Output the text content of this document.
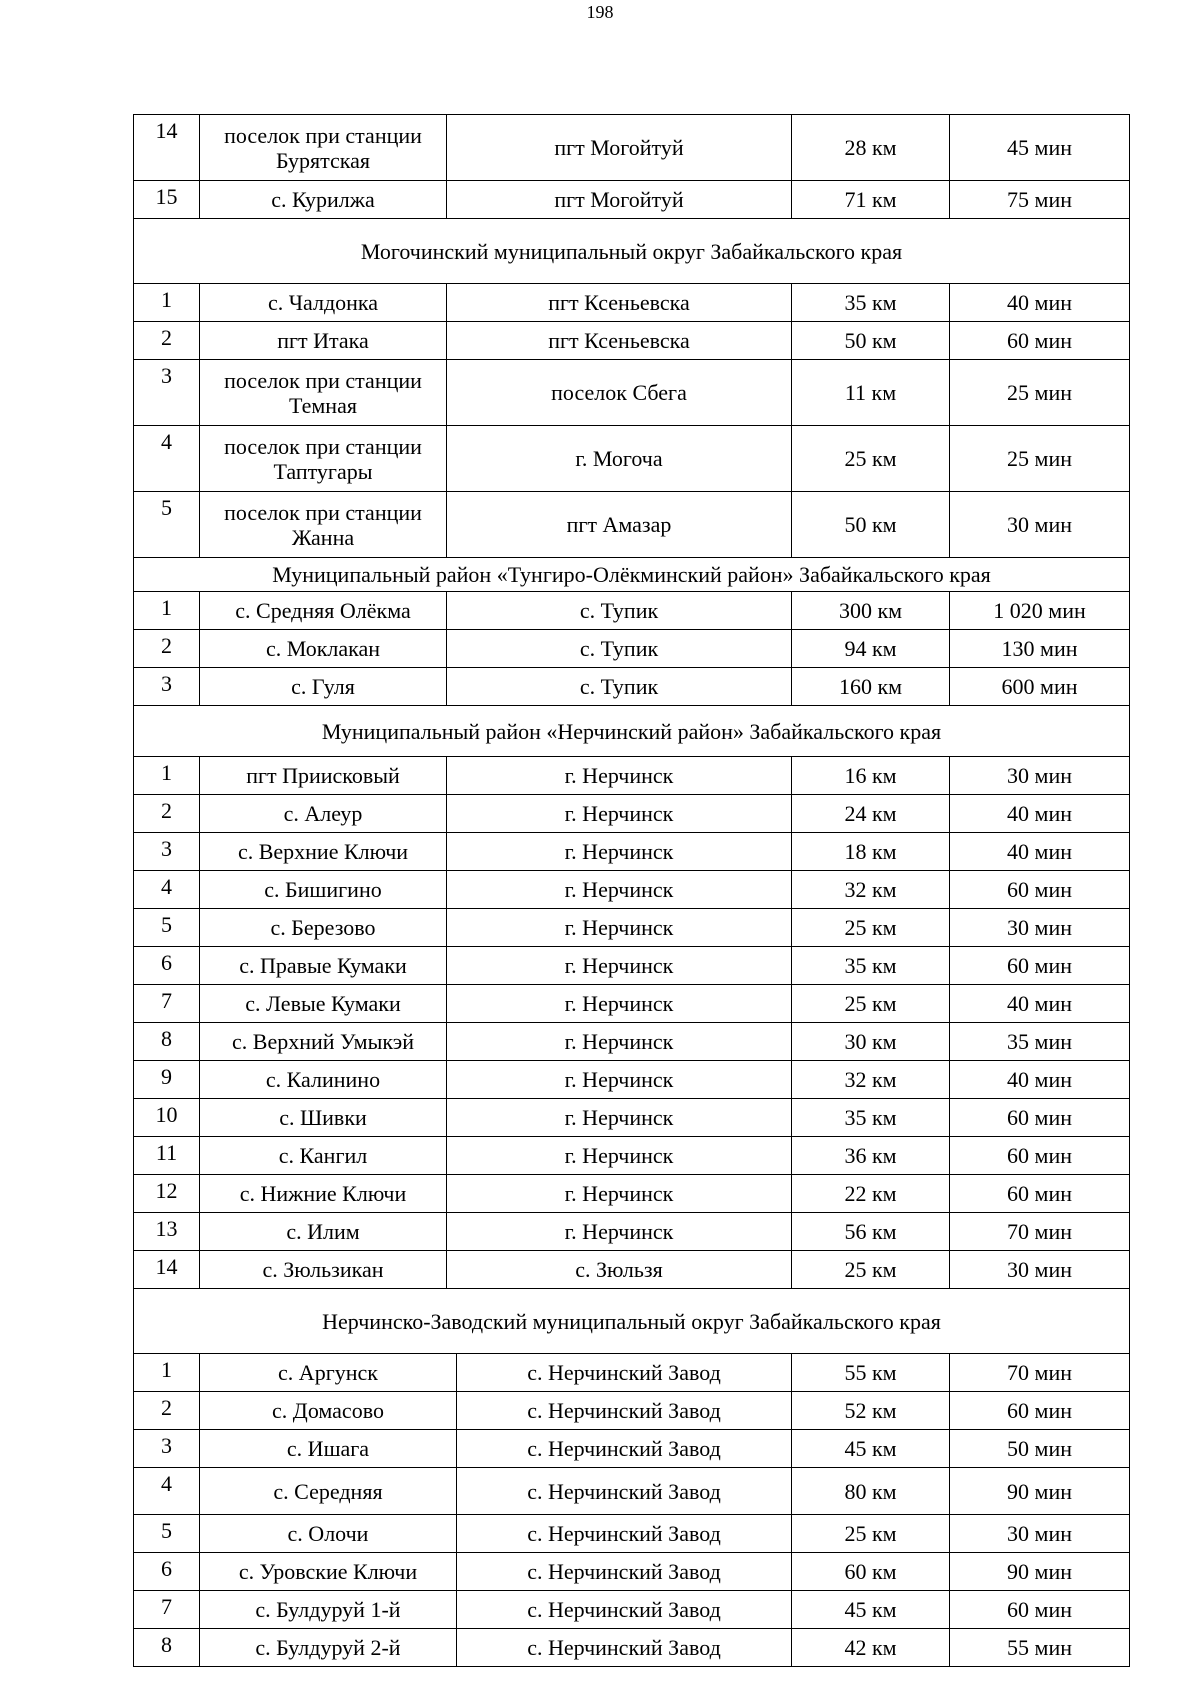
198
14	поселок при станции Бурятская	пгт Могойтуй		28 км	45 мин
15	с. Курилжа	пгт Могойтуй		71 км	75 мин
Могочинский муниципальный округ Забайкальского края					
1	с. Чалдонка	пгт Ксеньевска		35 км	40 мин
2	пгт Итака	пгт Ксеньевска		50 км	60 мин
3	поселок при станции Темная	поселок Сбега		11 км	25 мин
4	поселок при станции Таптугары	г. Могоча		25 км	25 мин
5	поселок при станции Жанна	пгт Амазар		50 км	30 мин
Муниципальный район «Тунгиро-Олёкминский район» Забайкальского края					
1	с. Средняя Олёкма	с. Тупик		300 км	1 020 мин
2	с. Моклакан	с. Тупик		94 км	130 мин
3	с. Гуля	с. Тупик		160 км	600 мин
Муниципальный район «Нерчинский район» Забайкальского края					
1	пгт Приисковый	г. Нерчинск		16 км	30 мин
2	с. Алеур	г. Нерчинск		24 км	40 мин
3	с. Верхние Ключи	г. Нерчинск		18 км	40 мин
4	с. Бишигино	г. Нерчинск		32 км	60 мин
5	с. Березово	г. Нерчинск		25 км	30 мин
6	с. Правые Кумаки	г. Нерчинск		35 км	60 мин
7	с. Левые Кумаки	г. Нерчинск		25 км	40 мин
8	с. Верхний Умыкэй	г. Нерчинск		30 км	35 мин
9	с. Калинино	г. Нерчинск		32 км	40 мин
10	с. Шивки	г. Нерчинск		35 км	60 мин
11	с. Кангил	г. Нерчинск		36 км	60 мин
12	с. Нижние Ключи	г. Нерчинск		22 км	60 мин
13	с. Илим	г. Нерчинск		56 км	70 мин
14	с. Зюльзикан	с. Зюльзя		25 км	30 мин
Нерчинско-Заводский муниципальный округ Забайкальского края					
1	с. Аргунск		с. Нерчинский Завод	55 км	70 мин
2	с. Домасово		с. Нерчинский Завод	52 км	60 мин
3	с. Ишага		с. Нерчинский Завод	45 км	50 мин
4	с. Середняя		с. Нерчинский Завод	80 км	90 мин
5	с. Олочи		с. Нерчинский Завод	25 км	30 мин
6	с. Уровские Ключи		с. Нерчинский Завод	60 км	90 мин
7	с. Булдуруй 1-й		с. Нерчинский Завод	45 км	60 мин
8	с. Булдуруй 2-й		с. Нерчинский Завод	42 км	55 мин
